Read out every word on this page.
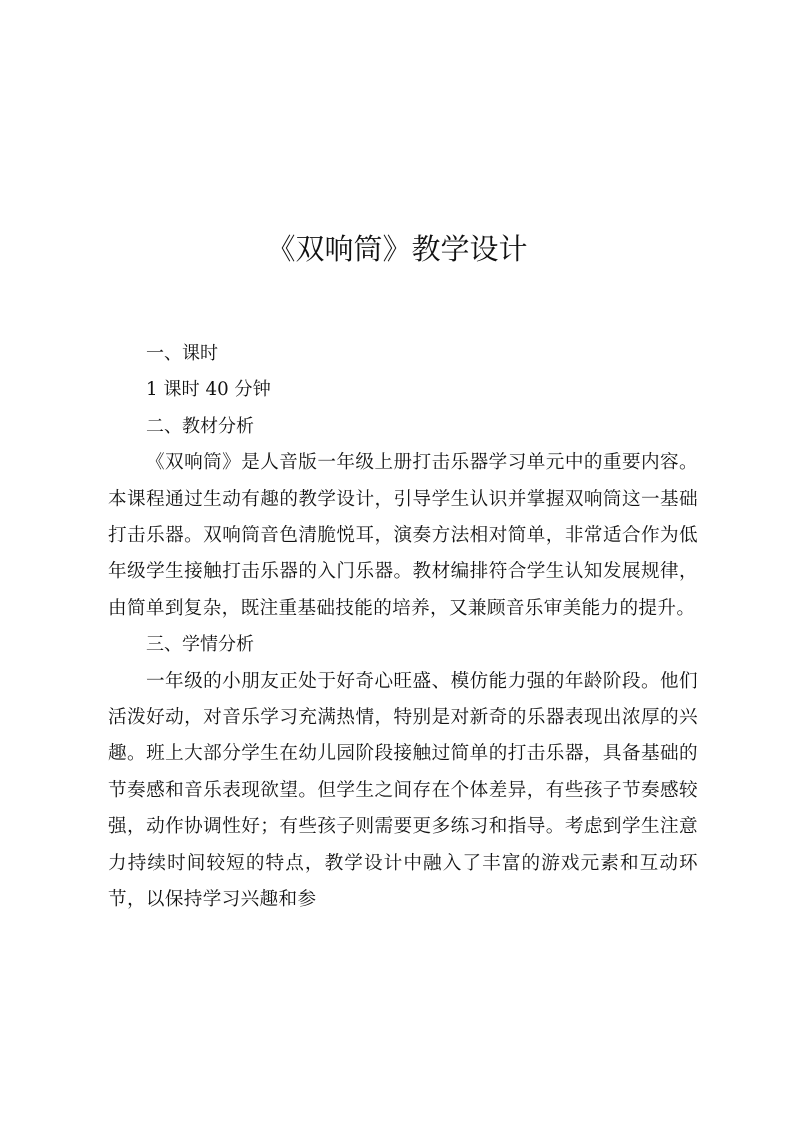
《双响筒》教学设计
一、课时

1 课时 40 分钟

二、教材分析

《双响筒》是人音版一年级上册打击乐器学习单元中的重要内容。本课程通过生动有趣的教学设计，引导学生认识并掌握双响筒这一基础打击乐器。双响筒音色清脆悦耳，演奏方法相对简单，非常适合作为低年级学生接触打击乐器的入门乐器。教材编排符合学生认知发展规律，由简单到复杂，既注重基础技能的培养，又兼顾音乐审美能力的提升。

三、学情分析

一年级的小朋友正处于好奇心旺盛、模仿能力强的年龄阶段。他们活泼好动，对音乐学习充满热情，特别是对新奇的乐器表现出浓厚的兴趣。班上大部分学生在幼儿园阶段接触过简单的打击乐器，具备基础的节奏感和音乐表现欲望。但学生之间存在个体差异，有些孩子节奏感较强，动作协调性好；有些孩子则需要更多练习和指导。考虑到学生注意力持续时间较短的特点，教学设计中融入了丰富的游戏元素和互动环节，以保持学习兴趣和参
